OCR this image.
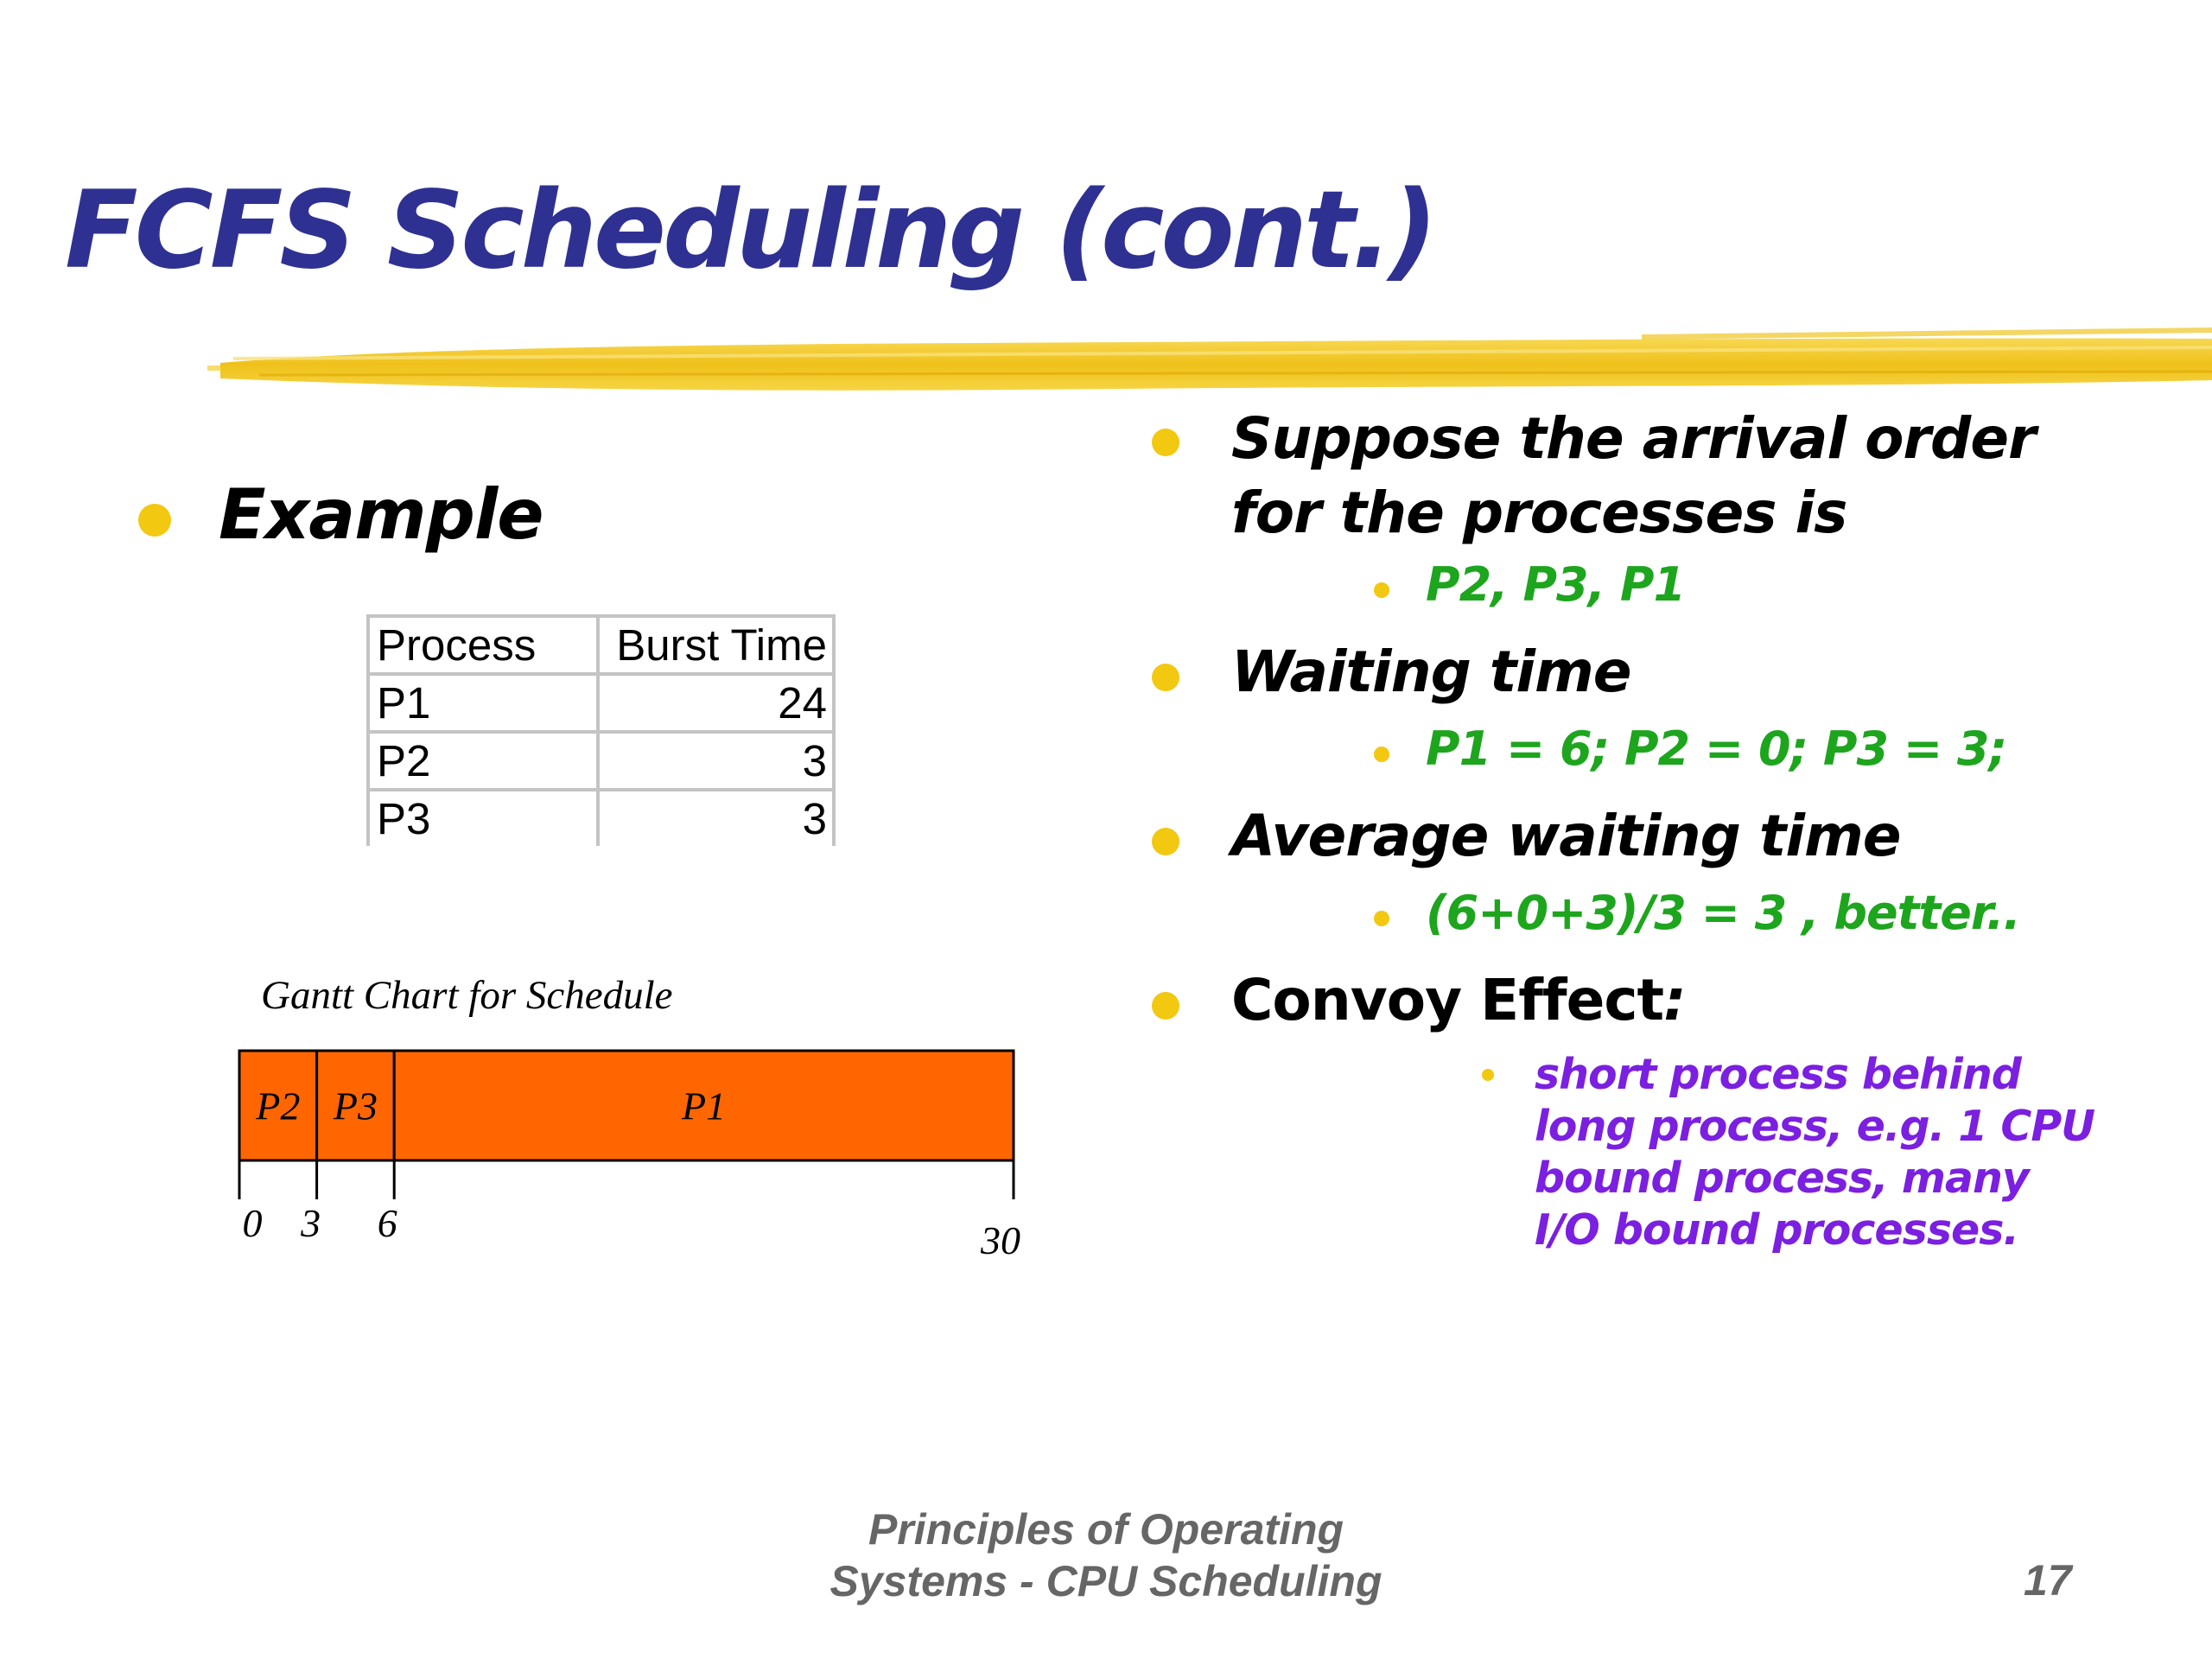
FCFS Scheduling (cont.)
Example
Process	Burst Time
P1	24
P2	3
P3	3
Gantt Chart for Schedule
P2 P3	P1
0 3 6	30
Suppose the arrival order
for the processes is
P2, P3, P1
Waiting time
P1 = 6; P2 = 0; P3 = 3;
Average waiting time
(6+0+3)/3 = 3 , better..
Convoy Effect:
short process behind
long process, e.g. 1 CPU
bound process, many
I/O bound processes.
Principles of Operating
Systems - CPU Scheduling	17
